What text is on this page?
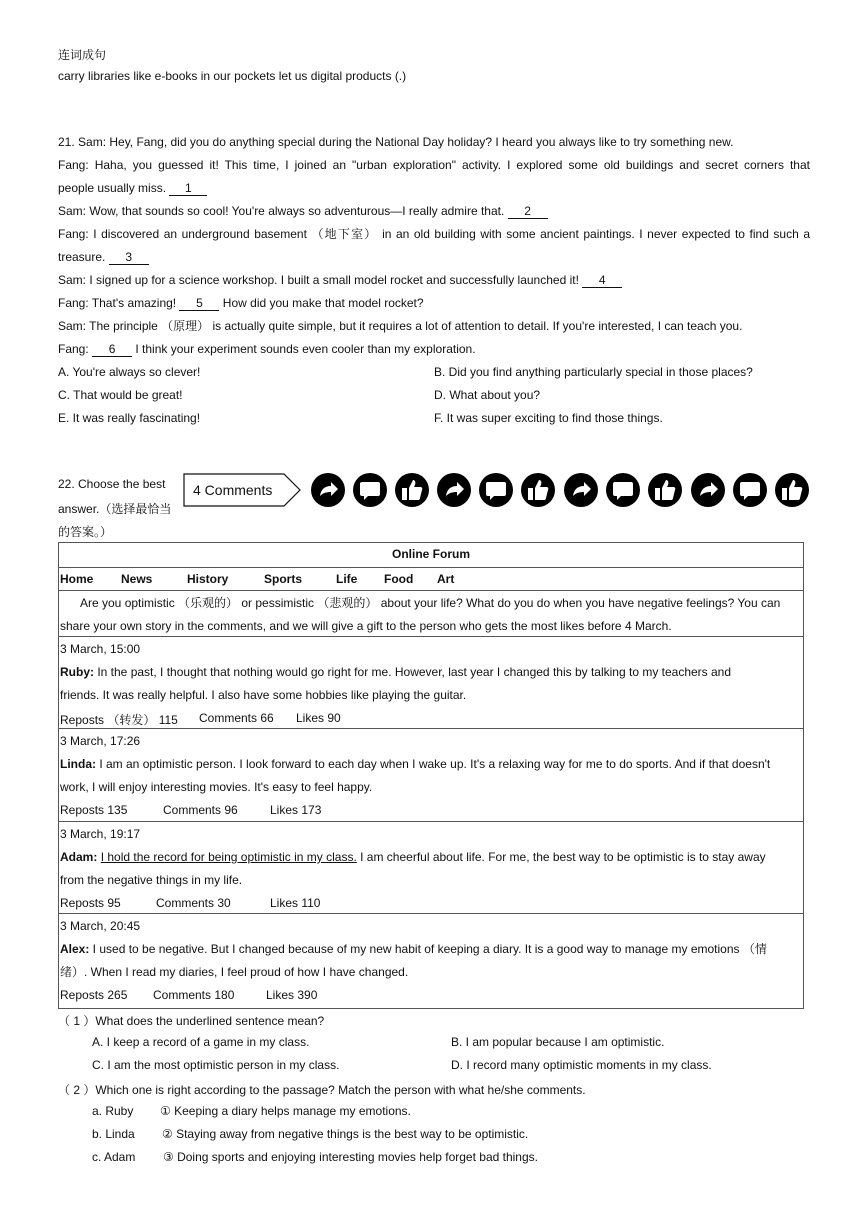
连词成句
carry libraries like e-books in our pockets let us digital products (.)
21. Sam: Hey, Fang, did you do anything special during the National Day holiday? I heard you always like to try something new.
Fang: Haha, you guessed it! This time, I joined an "urban exploration" activity. I explored some old buildings and secret corners that
people usually miss. 1
Sam: Wow, that sounds so cool! You're always so adventurous—I really admire that. 2
Fang: I discovered an underground basement （地下室） in an old building with some ancient paintings. I never expected to find such a
treasure. 3
Sam: I signed up for a science workshop. I built a small model rocket and successfully launched it! 4
Fang: That's amazing! 5 How did you make that model rocket?
Sam: The principle （原理） is actually quite simple, but it requires a lot of attention to detail. If you're interested, I can teach you.
Fang: 6 I think your experiment sounds even cooler than my exploration.
A. You're always so clever!	B. Did you find anything particularly special in those places?
C. That would be great!	D. What about you?
E. It was really fascinating!	F. It was super exciting to find those things.
22. Choose the best
answer.（选择最恰当
的答案。）
4 Comments
Online Forum
Home News	History	Sports	Life Food Art
Are you optimistic （乐观的） or pessimistic （悲观的） about your life? What do you do when you have negative feelings? You can
share your own story in the comments, and we will give a gift to the person who gets the most likes before 4 March.
3 March, 15:00
Ruby: In the past, I thought that nothing would go right for me. However, last year I changed this by talking to my teachers and
friends. It was really helpful. I also have some hobbies like playing the guitar.
Reposts （转发） 115 Comments 66 Likes 90
3 March, 17:26
Linda: I am an optimistic person. I look forward to each day when I wake up. It's a relaxing way for me to do sports. And if that doesn't
work, I will enjoy interesting movies. It's easy to feel happy.
Reposts 135	Comments 96	Likes 173
3 March, 19:17
Adam: I hold the record for being optimistic in my class. I am cheerful about life. For me, the best way to be optimistic is to stay away
from the negative things in my life.
Reposts 95	Comments 30	Likes 110
3 March, 20:45
Alex: I used to be negative. But I changed because of my new habit of keeping a diary. It is a good way to manage my emotions （情
绪）. When I read my diaries, I feel proud of how I have changed.
Reposts 265 Comments 180	Likes 390
（ 1 ）What does the underlined sentence mean?
A. I keep a record of a game in my class.	B. I am popular because I am optimistic.
C. I am the most optimistic person in my class.	D. I record many optimistic moments in my class.
（ 2 ）Which one is right according to the passage? Match the person with what he/she comments.
a. Ruby ① Keeping a diary helps manage my emotions.
b. Linda ② Staying away from negative things is the best way to be optimistic.
c. Adam ③ Doing sports and enjoying interesting movies help forget bad things.
